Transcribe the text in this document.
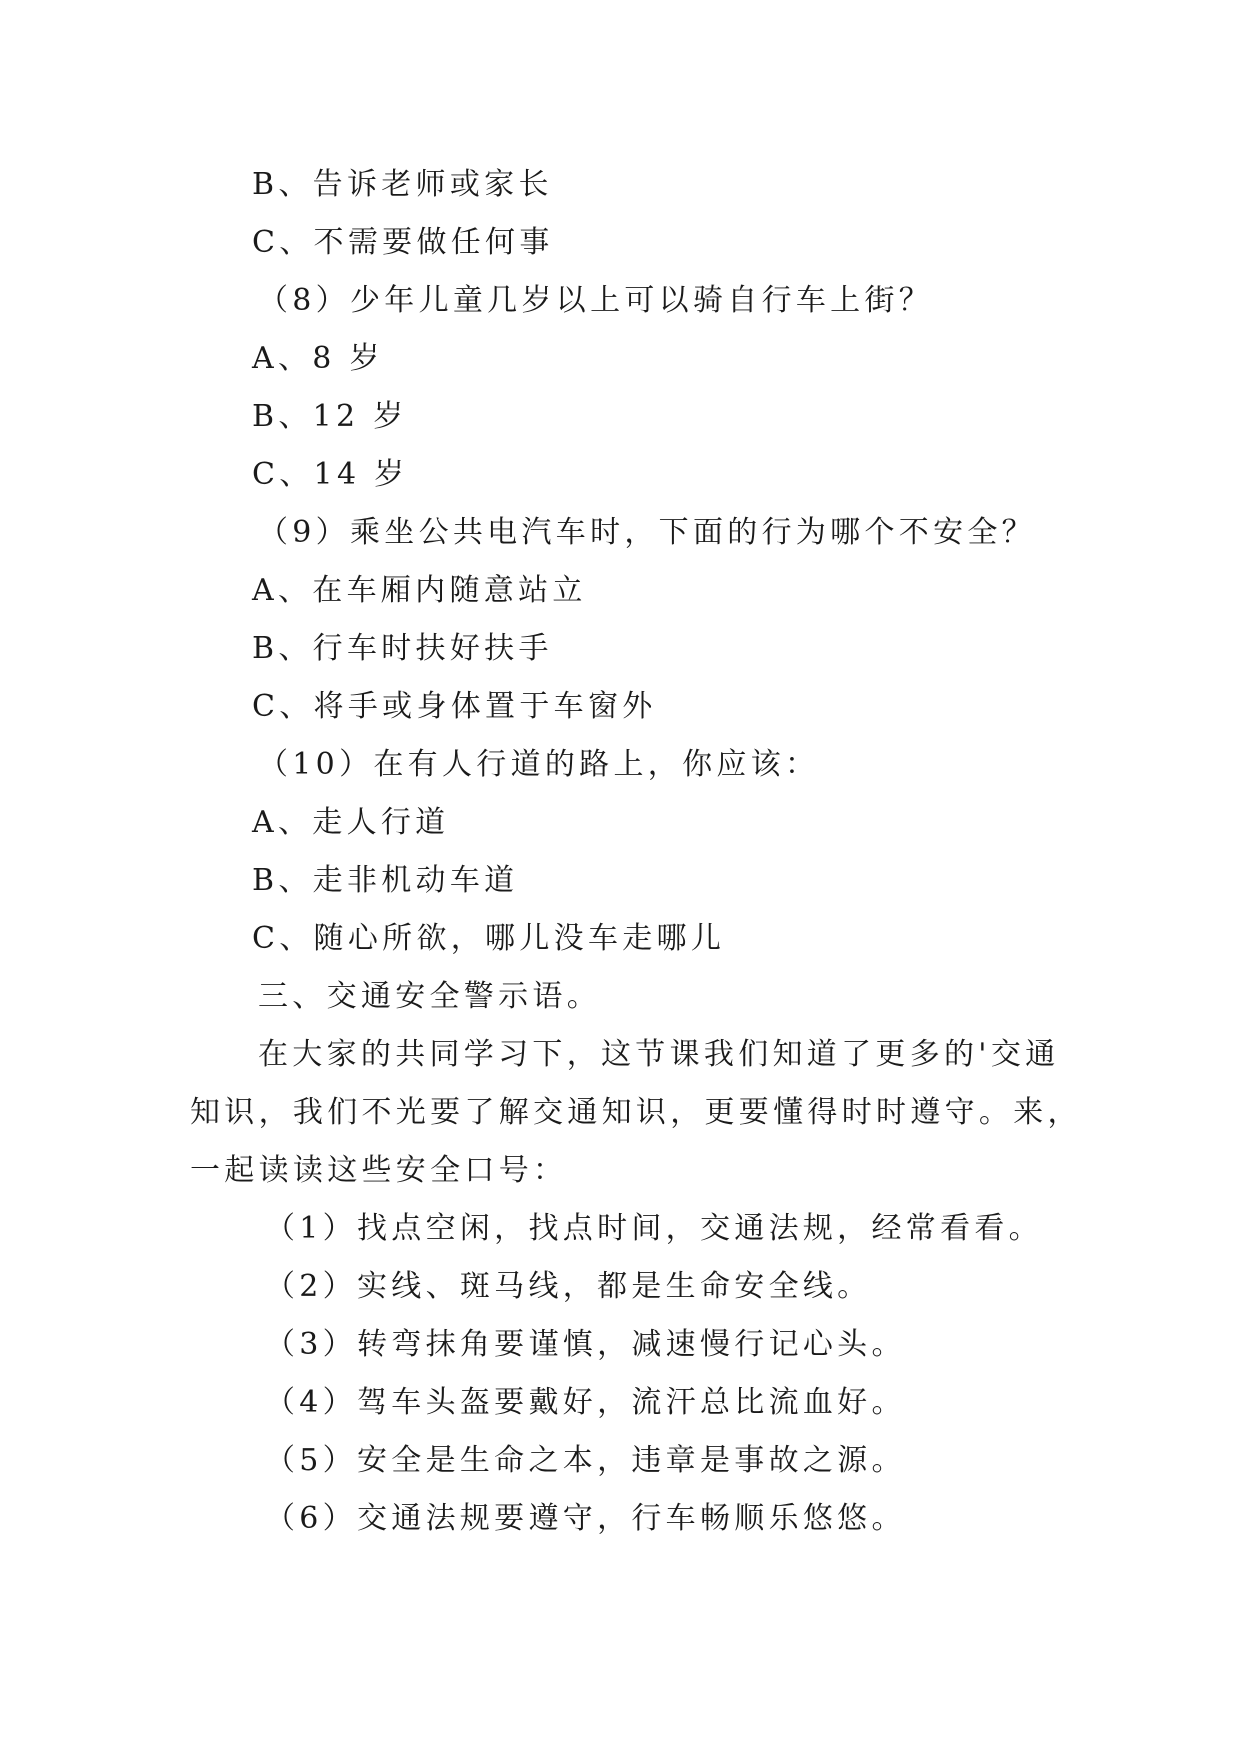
B、告诉老师或家长
C、不需要做任何事
（8）少年儿童几岁以上可以骑自行车上街？
A、8 岁
B、12 岁
C、14 岁
（9）乘坐公共电汽车时，下面的行为哪个不安全？
A、在车厢内随意站立
B、行车时扶好扶手
C、将手或身体置于车窗外
（10）在有人行道的路上，你应该：
A、走人行道
B、走非机动车道
C、随心所欲，哪儿没车走哪儿
三、交通安全警示语。
在大家的共同学习下，这节课我们知道了更多的'交通
知识，我们不光要了解交通知识，更要懂得时时遵守。来，
一起读读这些安全口号：
（1）找点空闲，找点时间，交通法规，经常看看。
（2）实线、斑马线，都是生命安全线。
（3）转弯抹角要谨慎，减速慢行记心头。
（4）驾车头盔要戴好，流汗总比流血好。
（5）安全是生命之本，违章是事故之源。
（6）交通法规要遵守，行车畅顺乐悠悠。
